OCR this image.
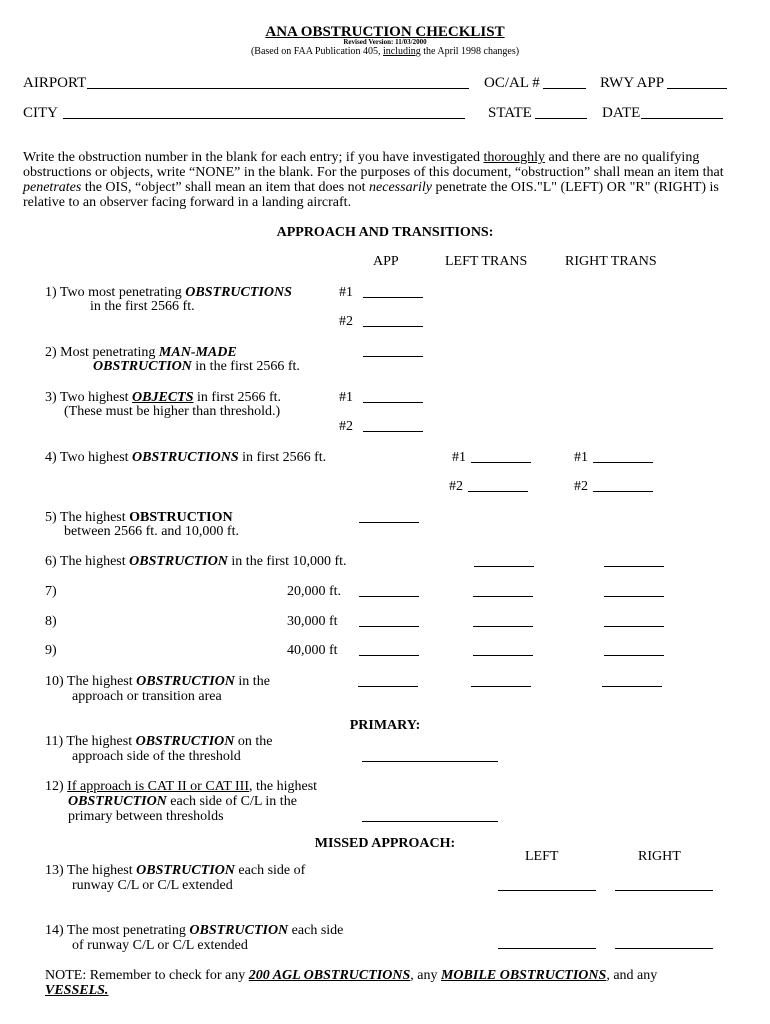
ANA OBSTRUCTION CHECKLIST
Revised Version: 11/03/2000
(Based on FAA Publication 405, including the April 1998 changes)
AIRPORT	OC/AL #	RWY APP
CITY	STATE	DATE
Write the obstruction number in the blank for each entry; if you have investigated thoroughly and there are no qualifying obstructions or objects, write “NONE” in the blank. For the purposes of this document, “obstruction” shall mean an item that penetrates the OIS, “object” shall mean an item that does not necessarily penetrate the OIS."L" (LEFT) OR "R" (RIGHT) is relative to an observer facing forward in a landing aircraft.
APPROACH AND TRANSITIONS:
APP	LEFT TRANS	RIGHT TRANS
1) Two most penetrating OBSTRUCTIONS
in the first 2566 ft.
#1
#2
2) Most penetrating MAN-MADE
OBSTRUCTION in the first 2566 ft.
3) Two highest OBJECTS in first 2566 ft.
(These must be higher than threshold.)
#1
#2
4) Two highest OBSTRUCTIONS in first 2566 ft.	#1	#1
#2	#2
5) The highest OBSTRUCTION
between 2566 ft. and 10,000 ft.
6) The highest OBSTRUCTION in the first 10,000 ft.
7)	20,000 ft.
8)	30,000 ft
9)	40,000 ft
10) The highest OBSTRUCTION in the
approach or transition area
PRIMARY:
11) The highest OBSTRUCTION on the
approach side of the threshold
12) If approach is CAT II or CAT III, the highest
OBSTRUCTION each side of C/L in the
primary between thresholds
MISSED APPROACH:
LEFT	RIGHT
13) The highest OBSTRUCTION each side of
runway C/L or C/L extended
14) The most penetrating OBSTRUCTION each side
of runway C/L or C/L extended
NOTE: Remember to check for any 200 AGL OBSTRUCTIONS, any MOBILE OBSTRUCTIONS, and any
VESSELS.
